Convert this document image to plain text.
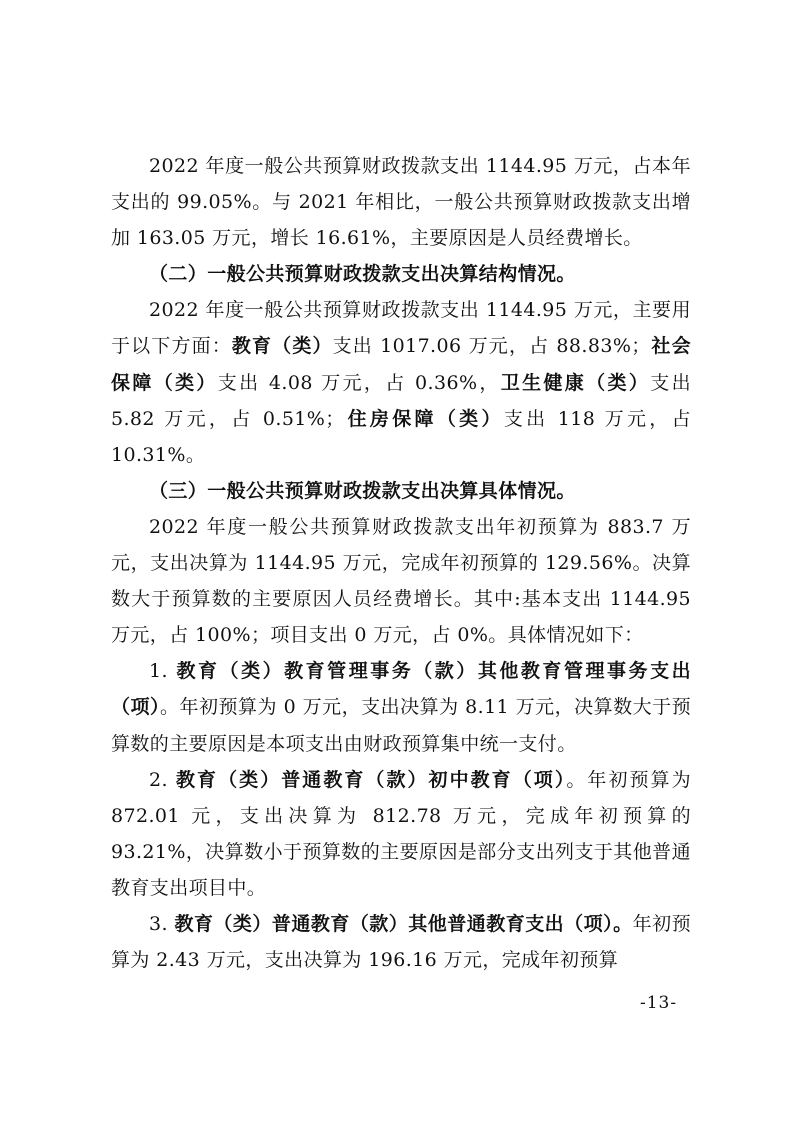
2022 年度一般公共预算财政拨款支出 1144.95 万元，占本年支出的 99.05%。与 2021 年相比，一般公共预算财政拨款支出增加 163.05 万元，增长 16.61%，主要原因是人员经费增长。

（二）一般公共预算财政拨款支出决算结构情况。

2022 年度一般公共预算财政拨款支出 1144.95 万元，主要用于以下方面：教育（类）支出 1017.06 万元，占 88.83%；社会保障（类）支出 4.08 万元，占 0.36%，卫生健康（类）支出 5.82 万元，占 0.51%；住房保障（类）支出 118 万元，占 10.31%。

（三）一般公共预算财政拨款支出决算具体情况。

2022 年度一般公共预算财政拨款支出年初预算为 883.7 万元，支出决算为 1144.95 万元，完成年初预算的 129.56%。决算数大于预算数的主要原因人员经费增长。其中:基本支出 1144.95 万元，占 100%；项目支出 0 万元，占 0%。具体情况如下：

1. 教育（类）教育管理事务（款）其他教育管理事务支出（项）。年初预算为 0 万元，支出决算为 8.11 万元，决算数大于预算数的主要原因是本项支出由财政预算集中统一支付。

2. 教育（类）普通教育（款）初中教育（项）。年初预算为 872.01 元，支出决算为 812.78 万元，完成年初预算的 93.21%，决算数小于预算数的主要原因是部分支出列支于其他普通教育支出项目中。

3. 教育（类）普通教育（款）其他普通教育支出（项）。年初预算为 2.43 万元，支出决算为 196.16 万元，完成年初预算

-13-
